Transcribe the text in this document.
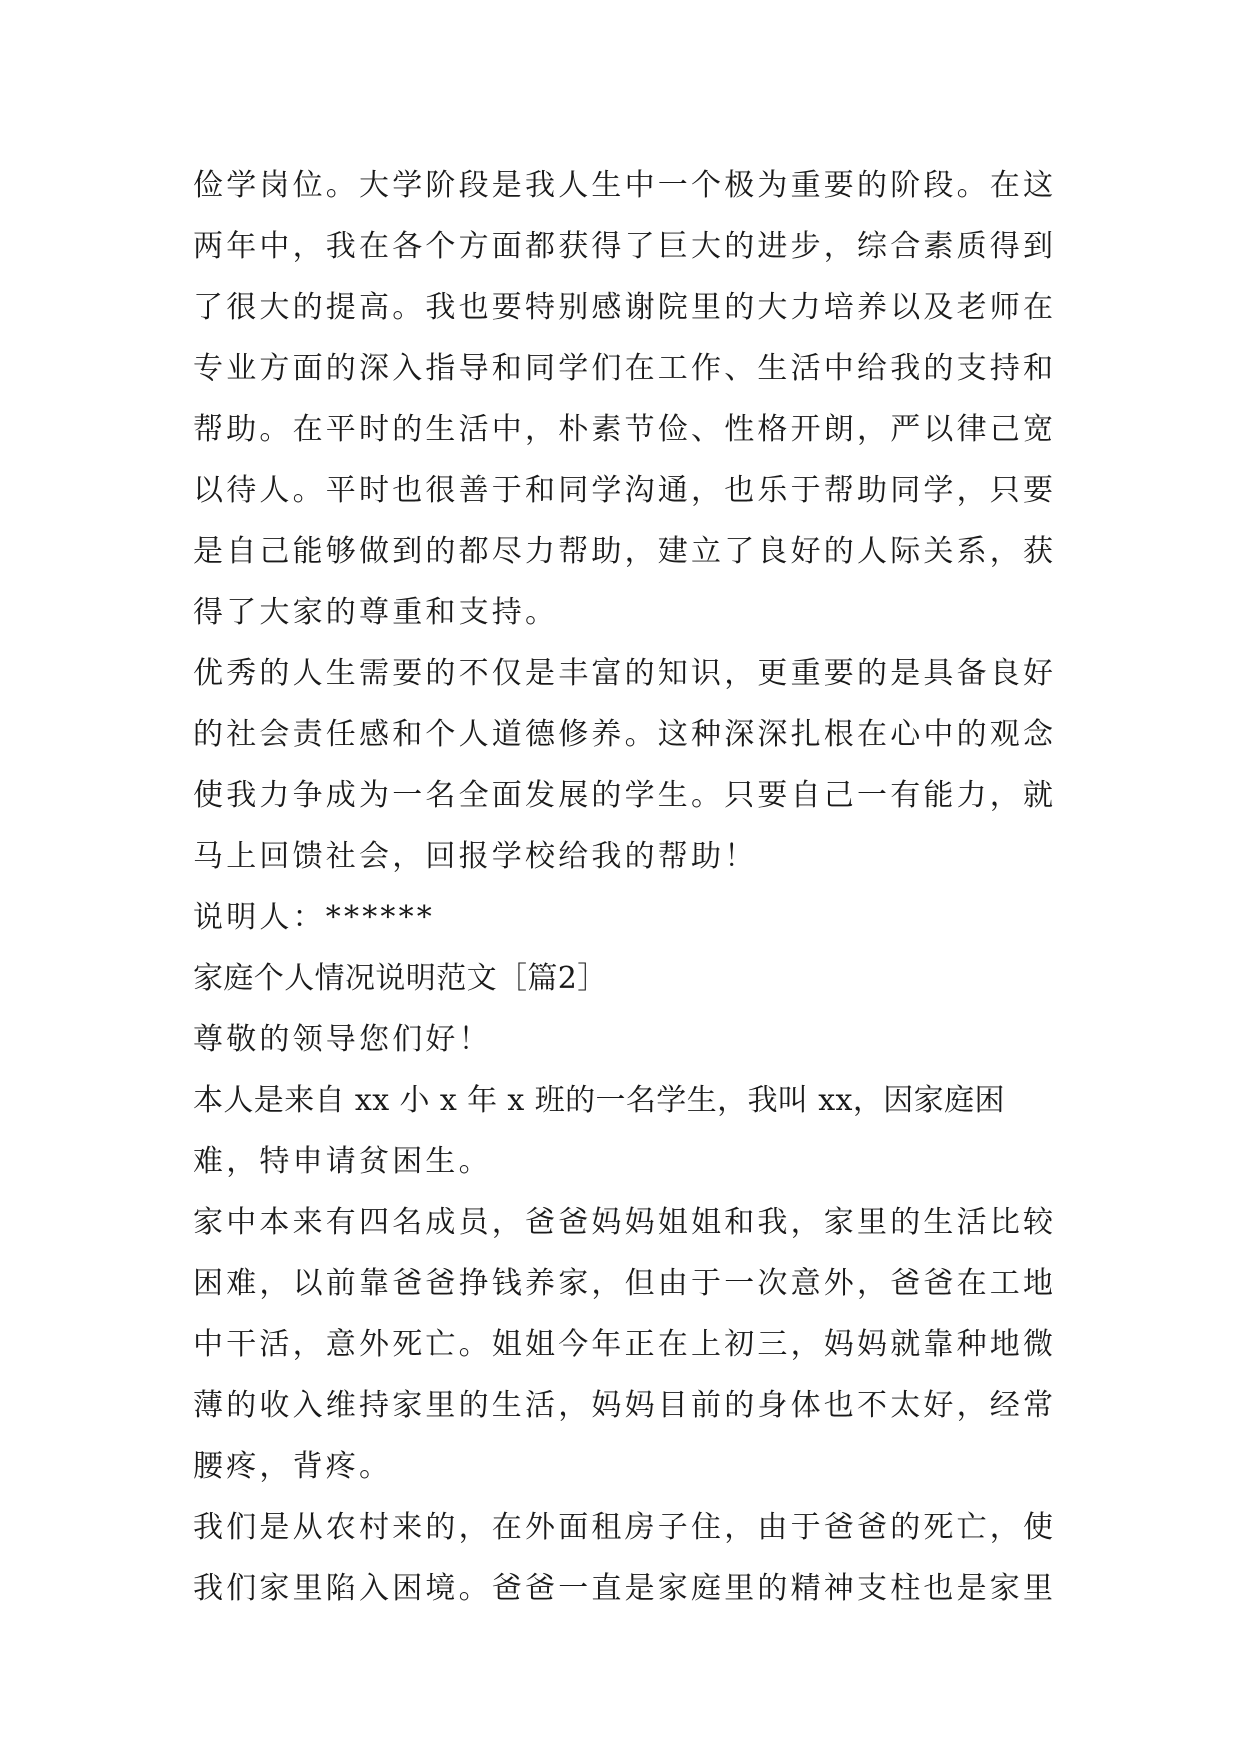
俭学岗位。大学阶段是我人生中一个极为重要的阶段。在这
两年中，我在各个方面都获得了巨大的进步，综合素质得到
了很大的提高。我也要特别感谢院里的大力培养以及老师在
专业方面的深入指导和同学们在工作、生活中给我的支持和
帮助。在平时的生活中，朴素节俭、性格开朗，严以律己宽
以待人。平时也很善于和同学沟通，也乐于帮助同学，只要
是自己能够做到的都尽力帮助，建立了良好的人际关系，获
得了大家的尊重和支持。
优秀的人生需要的不仅是丰富的知识，更重要的是具备良好
的社会责任感和个人道德修养。这种深深扎根在心中的观念
使我力争成为一名全面发展的学生。只要自己一有能力，就
马上回馈社会，回报学校给我的帮助！
说明人：******
家庭个人情况说明范文［篇2］
尊敬的领导您们好！
本人是来自 xx 小 x 年 x 班的一名学生，我叫 xx，因家庭困
难，特申请贫困生。
家中本来有四名成员，爸爸妈妈姐姐和我，家里的生活比较
困难，以前靠爸爸挣钱养家，但由于一次意外，爸爸在工地
中干活，意外死亡。姐姐今年正在上初三，妈妈就靠种地微
薄的收入维持家里的生活，妈妈目前的身体也不太好，经常
腰疼，背疼。
我们是从农村来的，在外面租房子住，由于爸爸的死亡，使
我们家里陷入困境。爸爸一直是家庭里的精神支柱也是家里
